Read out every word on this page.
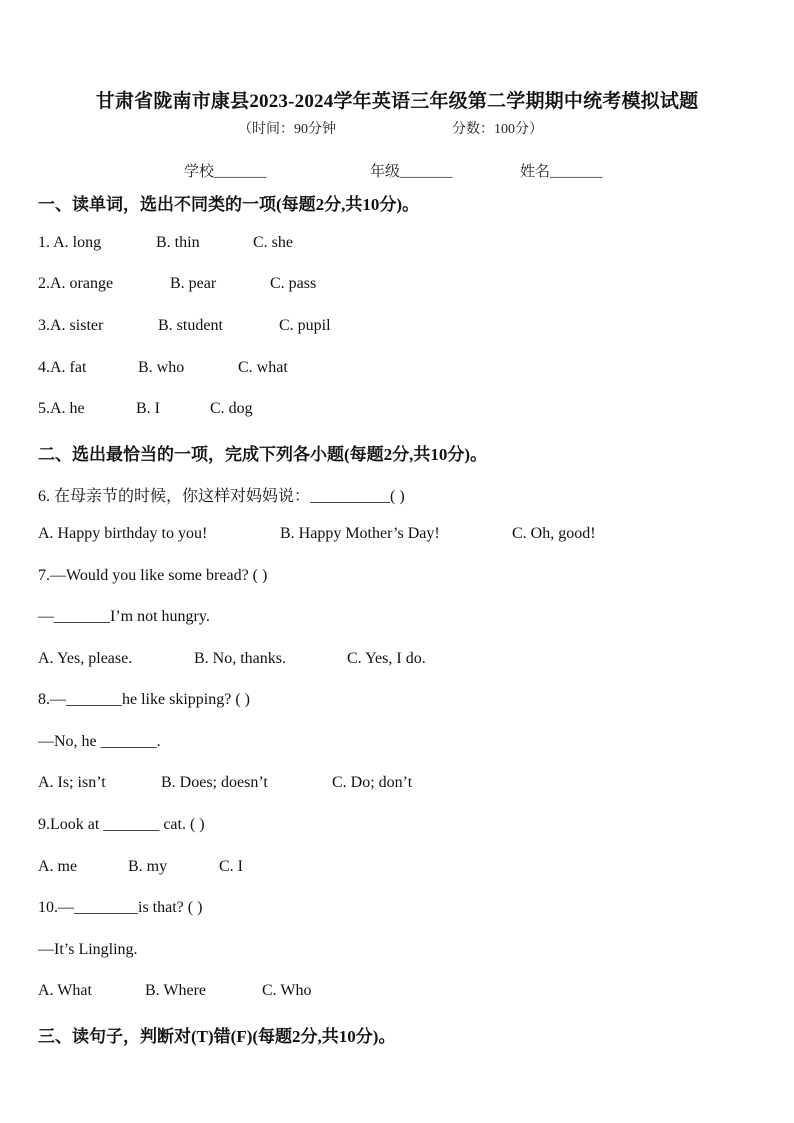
甘肃省陇南市康县2023-2024学年英语三年级第二学期期中统考模拟试题
（时间：90分钟	分数：100分）
学校_______	年级_______	姓名_______
一、读单词，选出不同类的一项(每题2分,共10分)。
1. A. long	B. thin	C. she
2.A. orange	B. pear	C. pass
3.A. sister	B. student	C. pupil
4.A. fat	B. who	C. what
5.A. he	B. I	C. dog
二、选出最恰当的一项，完成下列各小题(每题2分,共10分)。
6. 在母亲节的时候，你这样对妈妈说：__________( )
A. Happy birthday to you!	B. Happy Mother’s Day!	C. Oh, good!
7.—Would you like some bread? ( )
—_______I’m not hungry.
A. Yes, please.	B. No, thanks.	C. Yes, I do.
8.—_______he like skipping? ( )
—No, he _______.
A. Is; isn’t	B. Does; doesn’t	C. Do; don’t
9.Look at _______ cat. ( )
A. me	B. my	C. I
10.—________is that? ( )
—It’s Lingling.
A. What	B. Where	C. Who
三、读句子，判断对(T)错(F)(每题2分,共10分)。
